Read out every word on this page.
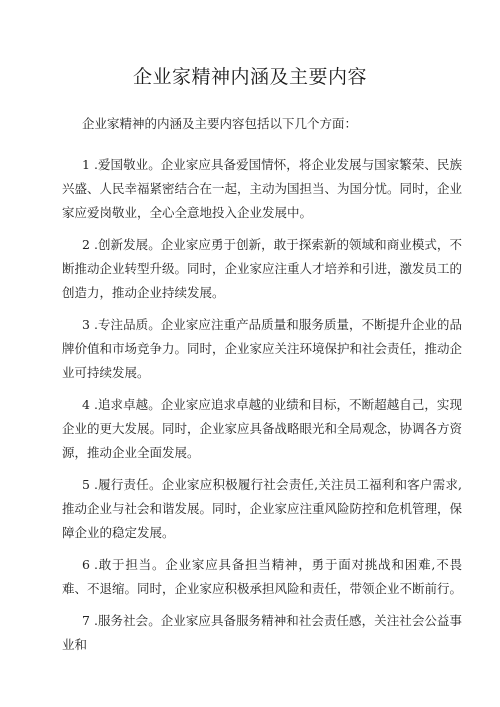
企业家精神内涵及主要内容

企业家精神的内涵及主要内容包括以下几个方面：

1 .爱国敬业。企业家应具备爱国情怀，将企业发展与国家繁荣、民族兴盛、人民幸福紧密结合在一起，主动为国担当、为国分忧。同时，企业家应爱岗敬业，全心全意地投入企业发展中。

2 .创新发展。企业家应勇于创新，敢于探索新的领域和商业模式，不断推动企业转型升级。同时，企业家应注重人才培养和引进，激发员工的创造力，推动企业持续发展。

3 .专注品质。企业家应注重产品质量和服务质量，不断提升企业的品牌价值和市场竞争力。同时，企业家应关注环境保护和社会责任，推动企业可持续发展。

4 .追求卓越。企业家应追求卓越的业绩和目标，不断超越自己，实现企业的更大发展。同时，企业家应具备战略眼光和全局观念，协调各方资源，推动企业全面发展。

5 .履行责任。企业家应积极履行社会责任,关注员工福利和客户需求,推动企业与社会和谐发展。同时，企业家应注重风险防控和危机管理，保障企业的稳定发展。

6 .敢于担当。企业家应具备担当精神，勇于面对挑战和困难,不畏难、不退缩。同时，企业家应积极承担风险和责任，带领企业不断前行。

7 .服务社会。企业家应具备服务精神和社会责任感，关注社会公益事业和
